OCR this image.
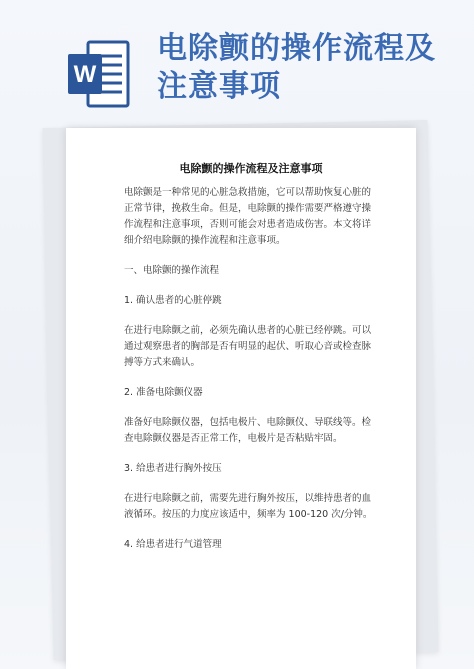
W
电除颤的操作流程及注意事项
电除颤的操作流程及注意事项
电除颤是一种常见的心脏急救措施，它可以帮助恢复心脏的正常节律，挽救生命。但是，电除颤的操作需要严格遵守操作流程和注意事项，否则可能会对患者造成伤害。本文将详细介绍电除颤的操作流程和注意事项。
一、电除颤的操作流程
1. 确认患者的心脏停跳
在进行电除颤之前，必须先确认患者的心脏已经停跳。可以通过观察患者的胸部是否有明显的起伏、听取心音或检查脉搏等方式来确认。
2. 准备电除颤仪器
准备好电除颤仪器，包括电极片、电除颤仪、导联线等。检查电除颤仪器是否正常工作，电极片是否粘贴牢固。
3. 给患者进行胸外按压
在进行电除颤之前，需要先进行胸外按压，以维持患者的血液循环。按压的力度应该适中，频率为 100-120 次/分钟。
4. 给患者进行气道管理
